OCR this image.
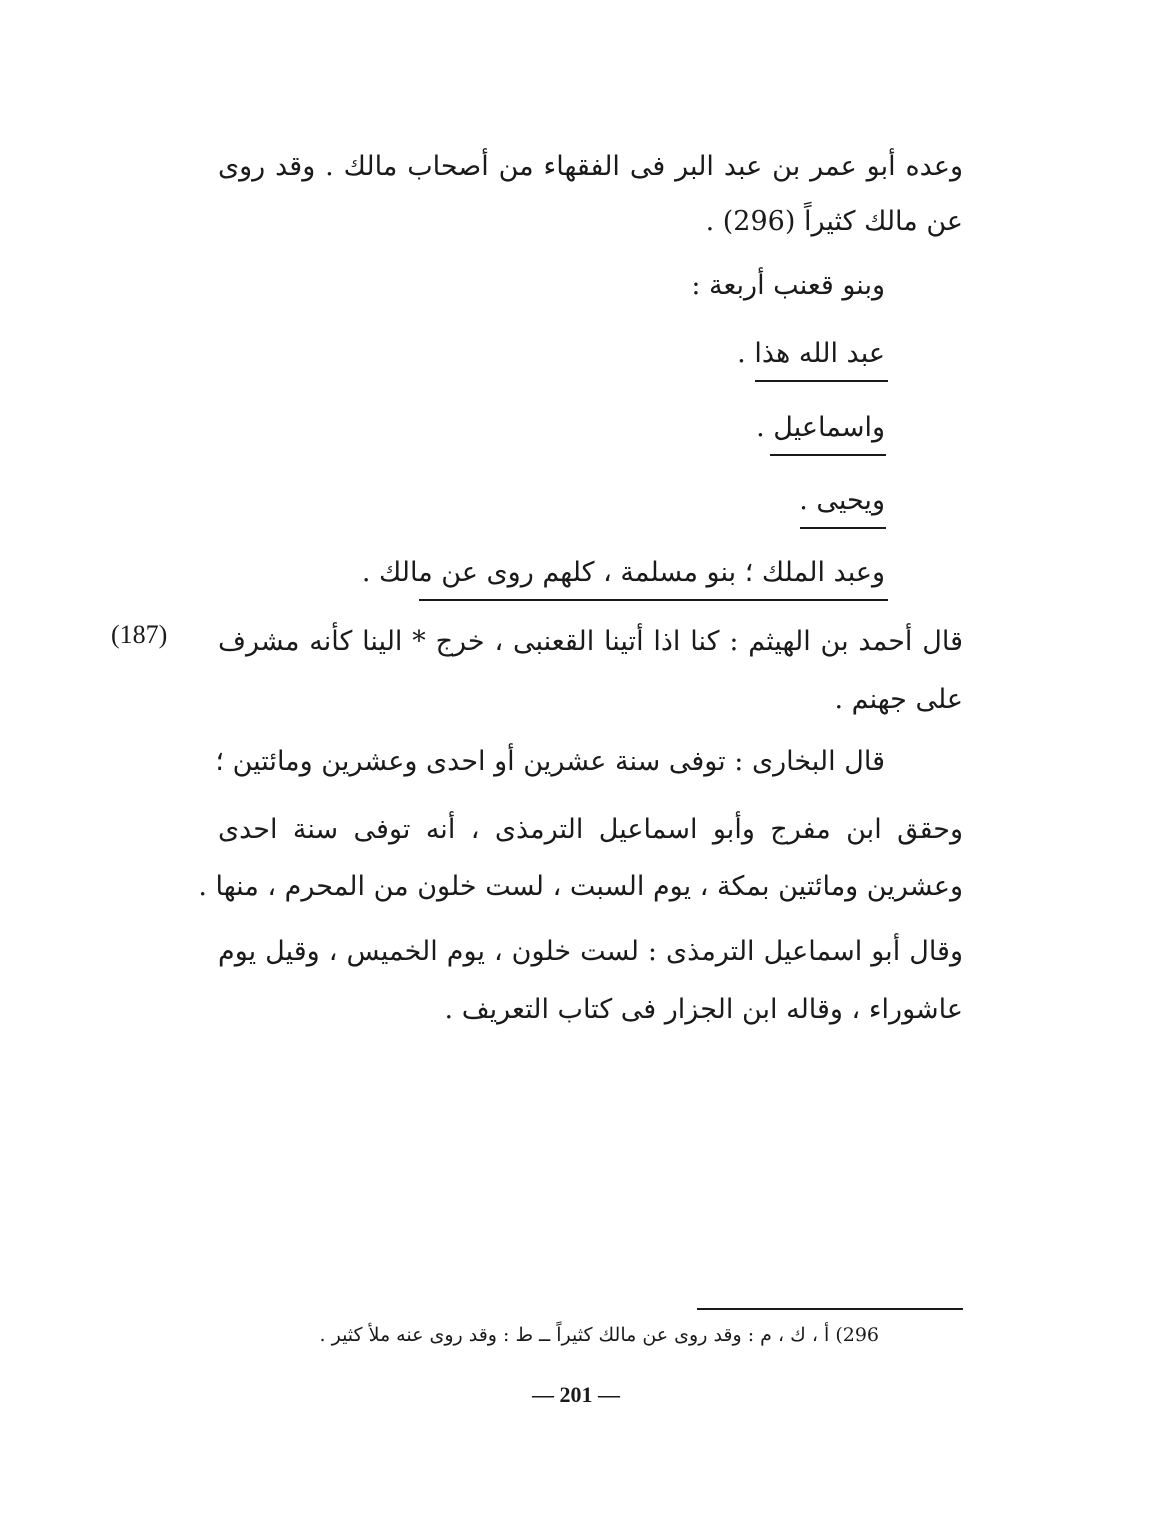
وعده أبو عمر بن عبد البر فى الفقهاء من أصحاب مالك . وقد روى
عن مالك كثيراً (296) .
وبنو قعنب أربعة :
عبد الله هذا .
واسماعيل .
ويحيى .
وعبد الملك ؛ بنو مسلمة ، كلهم روى عن مالك .
(187) قال أحمد بن الهيثم : كنا اذا أتينا القعنبى ، خرج * الينا كأنه مشرف
على جهنم .
قال البخارى : توفى سنة عشرين أو احدى وعشرين ومائتين ؛
وحقق ابن مفرج وأبو اسماعيل الترمذى ، أنه توفى سنة احدى
وعشرين ومائتين بمكة ، يوم السبت ، لست خلون من المحرم ، منها .
وقال أبو اسماعيل الترمذى : لست خلون ، يوم الخميس ، وقيل يوم
عاشوراء ، وقاله ابن الجزار فى كتاب التعريف .
296) أ ، ك ، م : وقد روى عن مالك كثيراً ــ ط : وقد روى عنه ملأ كثير .
— 201 —
